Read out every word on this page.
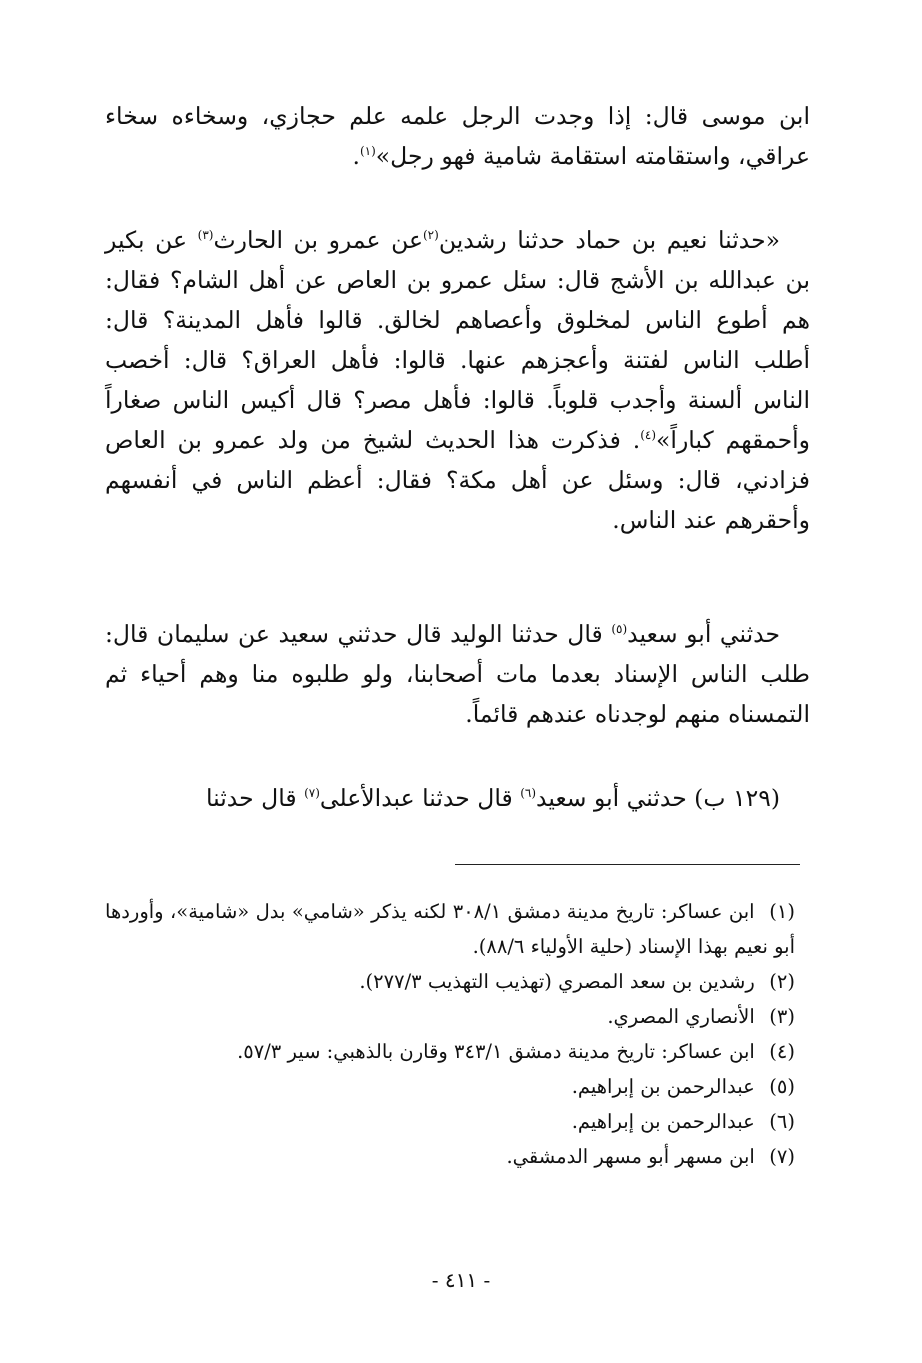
ابن موسى قال: إذا وجدت الرجل علمه علم حجازي، وسخاءه سخاء عراقي، واستقامته استقامة شامية فهو رجل»$^{(١)}$.

«حدثنا نعيم بن حماد حدثنا رشدين$^{(٢)}$عن عمرو بن الحارث$^{(٣)}$ عن بكير بن عبدالله بن الأشج قال: سئل عمرو بن العاص عن أهل الشام؟ فقال: هم أطوع الناس لمخلوق وأعصاهم لخالق. قالوا فأهل المدينة؟ قال: أطلب الناس لفتنة وأعجزهم عنها. قالوا: فأهل العراق؟ قال: أخصب الناس ألسنة وأجدب قلوباً. قالوا: فأهل مصر؟ قال أكيس الناس صغاراً وأحمقهم كباراً»$^{(٤)}$. فذكرت هذا الحديث لشيخ من ولد عمرو بن العاص فزادني، قال: وسئل عن أهل مكة؟ فقال: أعظم الناس في أنفسهم وأحقرهم عند الناس.

حدثني أبو سعيد$^{(٥)}$ قال حدثنا الوليد قال حدثني سعيد عن سليمان قال: طلب الناس الإسناد بعدما مات أصحابنا، ولو طلبوه منا وهم أحياء ثم التمسناه منهم لوجدناه عندهم قائماً.

(١٢٩ ب) حدثني أبو سعيد$^{(٦)}$ قال حدثنا عبدالأعلى$^{(٧)}$ قال حدثنا

(١) ابن عساكر: تاريخ مدينة دمشق ٣٠٨/١ لكنه يذكر «شامي» بدل «شامية»، وأوردها أبو نعيم بهذا الإسناد (حلية الأولياء ٨٨/٦).
(٢) رشدين بن سعد المصري (تهذيب التهذيب ٢٧٧/٣).
(٣) الأنصاري المصري.
(٤) ابن عساكر: تاريخ مدينة دمشق ٣٤٣/١ وقارن بالذهبي: سير ٥٧/٣.
(٥) عبدالرحمن بن إبراهيم.
(٦) عبدالرحمن بن إبراهيم.
(٧) ابن مسهر أبو مسهر الدمشقي.
- ٤١١ -
